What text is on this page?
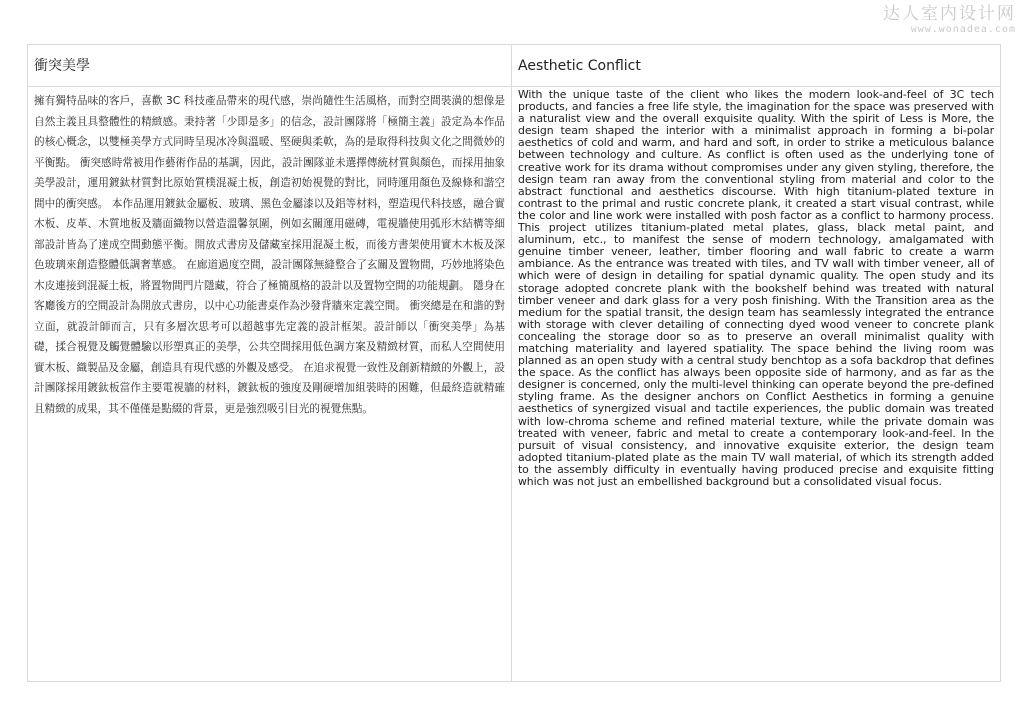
达人室内设计网
www.wonadea.com
衝突美學
擁有獨特品味的客戶，喜歡 3C 科技產品帶來的現代感，崇尚隨性生活風格，而對空間裝潢的想像是自然主義且具整體性的精緻感。秉持著「少即是多」的信念，設計團隊將「極簡主義」設定為本作品的核心概念，以雙極美學方式同時呈現冰冷與溫暖、堅硬與柔軟，為的是取得科技與文化之間微妙的平衡點。 衝突感時常被用作藝術作品的基調，因此，設計團隊並未選擇傳統材質與顏色，而採用抽象美學設計，運用鍍鈦材質對比原始質樸混凝土板，創造初始視覺的對比，同時運用顏色及線條和諧空間中的衝突感。 本作品運用鍍鈦金屬板、玻璃、黑色金屬漆以及鋁等材料，塑造現代科技感，融合實木板、皮革、木質地板及牆面織物以營造溫馨氛圍，例如玄關運用磁磚，電視牆使用弧形木結構等細部設計皆為了達成空間動態平衡。開放式書房及儲藏室採用混凝土板，而後方書架使用實木木板及深色玻璃來創造整體低調奢華感。 在廊道過度空間，設計團隊無縫整合了玄關及置物間，巧妙地將染色木皮連接到混凝土板，將置物間門片隱藏，符合了極簡風格的設計以及置物空間的功能規劃。 隱身在客廳後方的空間設計為開放式書房，以中心功能書桌作為沙發背牆來定義空間。 衝突總是在和諧的對立面，就設計師而言，只有多層次思考可以超越事先定義的設計框架。設計師以「衝突美學」為基礎，揉合視覺及觸覺體驗以形塑真正的美學，公共空間採用低色調方案及精緻材質，而私人空間使用實木板、織製品及金屬，創造具有現代感的外觀及感受。 在追求視覺一致性及創新精緻的外觀上，設計團隊採用鍍鈦板當作主要電視牆的材料，鍍鈦板的強度及剛硬增加組裝時的困難，但最終造就精確且精緻的成果，其不僅僅是點綴的背景，更是強烈吸引目光的視覺焦點。
Aesthetic Conflict
With the unique taste of the client who likes the modern look-and-feel of 3C tech products, and fancies a free life style, the imagination for the space was preserved with a naturalist view and the overall exquisite quality. With the spirit of Less is More, the design team shaped the interior with a minimalist approach in forming a bi-polar aesthetics of cold and warm, and hard and soft, in order to strike a meticulous balance between technology and culture. As conflict is often used as the underlying tone of creative work for its drama without compromises under any given styling, therefore, the design team ran away from the conventional styling from material and color to the abstract functional and aesthetics discourse. With high titanium-plated texture in contrast to the primal and rustic concrete plank, it created a start visual contrast, while the color and line work were installed with posh factor as a conflict to harmony process. This project utilizes titanium-plated metal plates, glass, black metal paint, and aluminum, etc., to manifest the sense of modern technology, amalgamated with genuine timber veneer, leather, timber flooring and wall fabric to create a warm ambiance. As the entrance was treated with tiles, and TV wall with timber veneer, all of which were of design in detailing for spatial dynamic quality. The open study and its storage adopted concrete plank with the bookshelf behind was treated with natural timber veneer and dark glass for a very posh finishing. With the Transition area as the medium for the spatial transit, the design team has seamlessly integrated the entrance with storage with clever detailing of connecting dyed wood veneer to concrete plank concealing the storage door so as to preserve an overall minimalist quality with matching materiality and layered spatiality. The space behind the living room was planned as an open study with a central study benchtop as a sofa backdrop that defines the space. As the conflict has always been opposite side of harmony, and as far as the designer is concerned, only the multi-level thinking can operate beyond the pre-defined styling frame. As the designer anchors on Conflict Aesthetics in forming a genuine aesthetics of synergized visual and tactile experiences, the public domain was treated with low-chroma scheme and refined material texture, while the private domain was treated with veneer, fabric and metal to create a contemporary look-and-feel. In the pursuit of visual consistency, and innovative exquisite exterior, the design team adopted titanium-plated plate as the main TV wall material, of which its strength added to the assembly difficulty in eventually having produced precise and exquisite fitting which was not just an embellished background but a consolidated visual focus.
